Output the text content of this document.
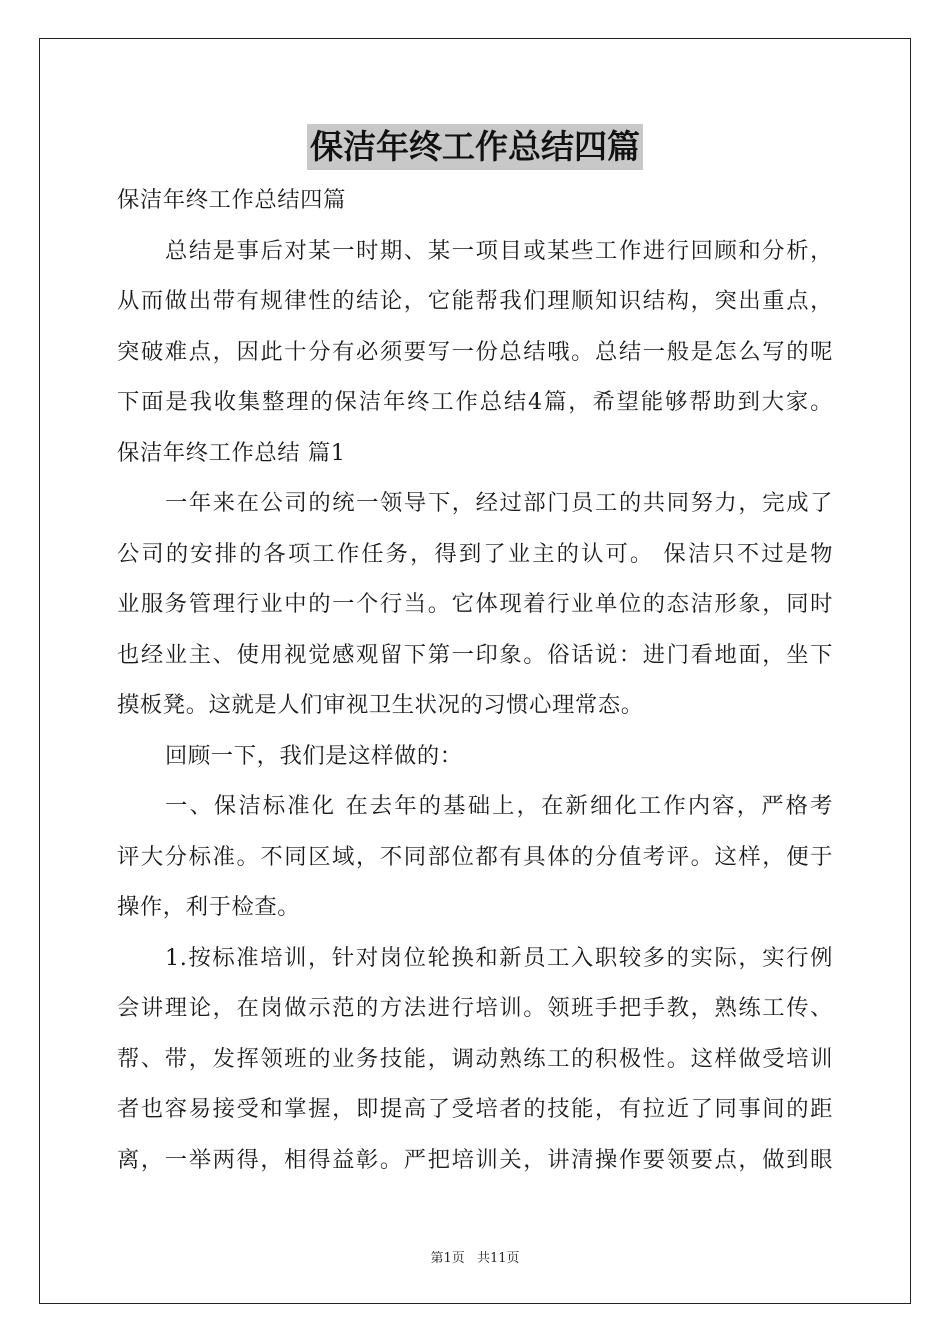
保洁年终工作总结四篇
保洁年终工作总结四篇
总结是事后对某一时期、某一项目或某些工作进行回顾和分析，
从而做出带有规律性的结论，它能帮我们理顺知识结构，突出重点，
突破难点，因此十分有必须要写一份总结哦。总结一般是怎么写的呢
下面是我收集整理的保洁年终工作总结4篇，希望能够帮助到大家。
保洁年终工作总结 篇1
一年来在公司的统一领导下，经过部门员工的共同努力，完成了
公司的安排的各项工作任务，得到了业主的认可。 保洁只不过是物
业服务管理行业中的一个行当。它体现着行业单位的态洁形象，同时
也经业主、使用视觉感观留下第一印象。俗话说：进门看地面，坐下
摸板凳。这就是人们审视卫生状况的习惯心理常态。
回顾一下，我们是这样做的：
一、保洁标准化 在去年的基础上，在新细化工作内容，严格考
评大分标准。不同区域，不同部位都有具体的分值考评。这样，便于
操作，利于检查。
1.按标准培训，针对岗位轮换和新员工入职较多的实际，实行例
会讲理论，在岗做示范的方法进行培训。领班手把手教，熟练工传、
帮、带，发挥领班的业务技能，调动熟练工的积极性。这样做受培训
者也容易接受和掌握，即提高了受培者的技能，有拉近了同事间的距
离，一举两得，相得益彰。严把培训关，讲清操作要领要点，做到眼
第1页 共11页
